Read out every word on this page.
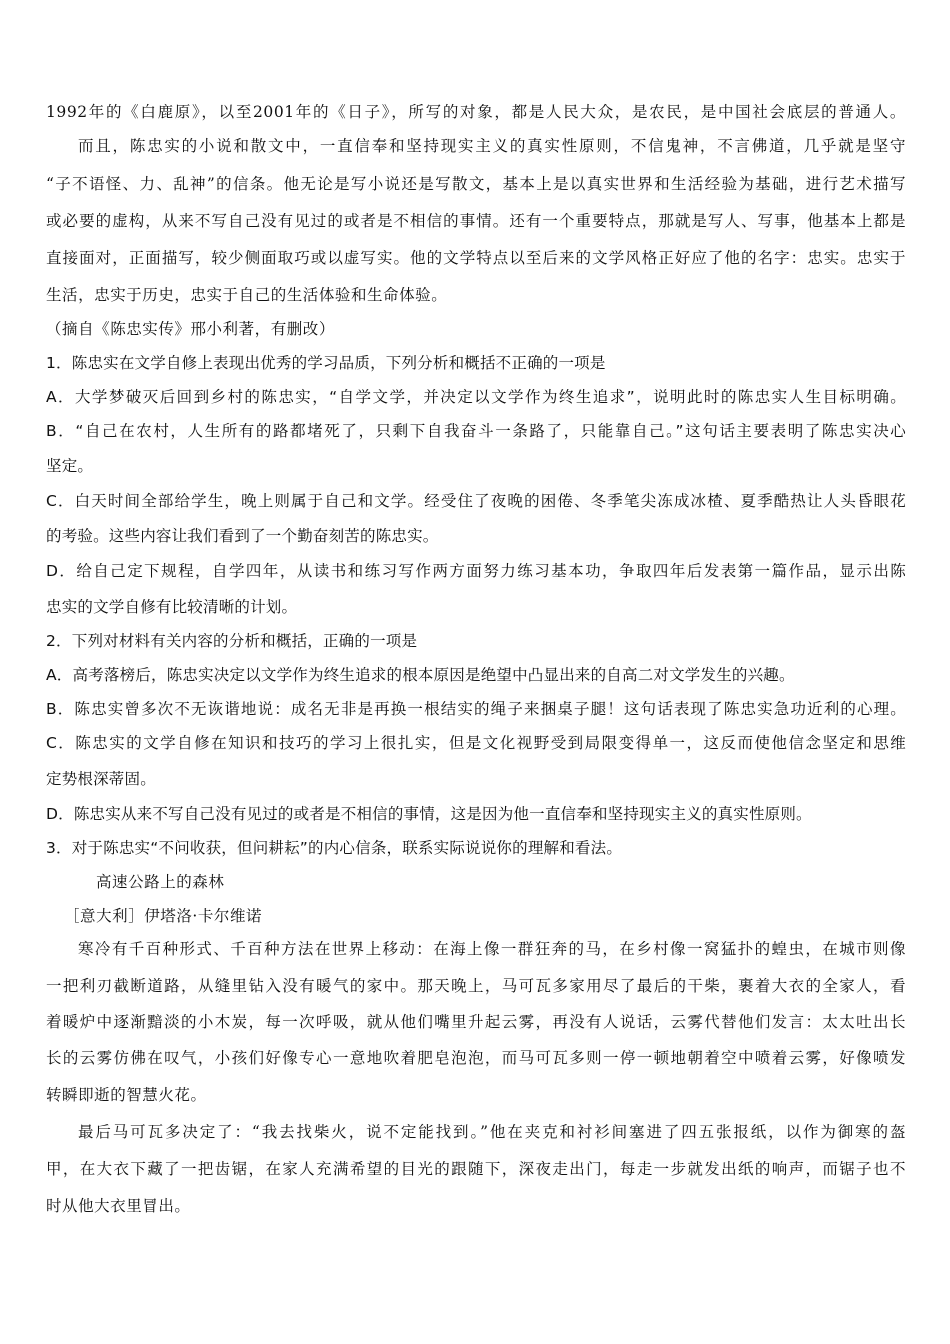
1992年的《白鹿原》，以至2001年的《日子》，所写的对象，都是人民大众，是农民，是中国社会底层的普通人。
而且，陈忠实的小说和散文中，一直信奉和坚持现实主义的真实性原则，不信鬼神，不言佛道，几乎就是坚守
“子不语怪、力、乱神”的信条。他无论是写小说还是写散文，基本上是以真实世界和生活经验为基础，进行艺术描写
或必要的虚构，从来不写自己没有见过的或者是不相信的事情。还有一个重要特点，那就是写人、写事，他基本上都是
直接面对，正面描写，较少侧面取巧或以虚写实。他的文学特点以至后来的文学风格正好应了他的名字：忠实。忠实于
生活，忠实于历史，忠实于自己的生活体验和生命体验。
（摘自《陈忠实传》邢小利著，有删改）
1．陈忠实在文学自修上表现出优秀的学习品质，下列分析和概括不正确的一项是
A．大学梦破灭后回到乡村的陈忠实，“自学文学，并决定以文学作为终生追求”，说明此时的陈忠实人生目标明确。
B．“自己在农村，人生所有的路都堵死了，只剩下自我奋斗一条路了，只能靠自己。”这句话主要表明了陈忠实决心
坚定。
C．白天时间全部给学生，晚上则属于自己和文学。经受住了夜晚的困倦、冬季笔尖冻成冰楂、夏季酷热让人头昏眼花
的考验。这些内容让我们看到了一个勤奋刻苦的陈忠实。
D．给自己定下规程，自学四年，从读书和练习写作两方面努力练习基本功，争取四年后发表第一篇作品，显示出陈
忠实的文学自修有比较清晰的计划。
2．下列对材料有关内容的分析和概括，正确的一项是
A．高考落榜后，陈忠实决定以文学作为终生追求的根本原因是绝望中凸显出来的自高二对文学发生的兴趣。
B．陈忠实曾多次不无诙谐地说：成名无非是再换一根结实的绳子来捆桌子腿！这句话表现了陈忠实急功近利的心理。
C．陈忠实的文学自修在知识和技巧的学习上很扎实，但是文化视野受到局限变得单一，这反而使他信念坚定和思维
定势根深蒂固。
D．陈忠实从来不写自己没有见过的或者是不相信的事情，这是因为他一直信奉和坚持现实主义的真实性原则。
3．对于陈忠实“不问收获，但问耕耘”的内心信条，联系实际说说你的理解和看法。
高速公路上的森林
［意大利］伊塔洛·卡尔维诺
寒冷有千百种形式、千百种方法在世界上移动：在海上像一群狂奔的马，在乡村像一窝猛扑的蝗虫，在城市则像
一把利刃截断道路，从缝里钻入没有暖气的家中。那天晚上，马可瓦多家用尽了最后的干柴，裹着大衣的全家人，看
着暖炉中逐渐黯淡的小木炭，每一次呼吸，就从他们嘴里升起云雾，再没有人说话，云雾代替他们发言：太太吐出长
长的云雾仿佛在叹气，小孩们好像专心一意地吹着肥皂泡泡，而马可瓦多则一停一顿地朝着空中喷着云雾，好像喷发
转瞬即逝的智慧火花。
最后马可瓦多决定了：“我去找柴火，说不定能找到。”他在夹克和衬衫间塞进了四五张报纸，以作为御寒的盔
甲，在大衣下藏了一把齿锯，在家人充满希望的目光的跟随下，深夜走出门，每走一步就发出纸的响声，而锯子也不
时从他大衣里冒出。
